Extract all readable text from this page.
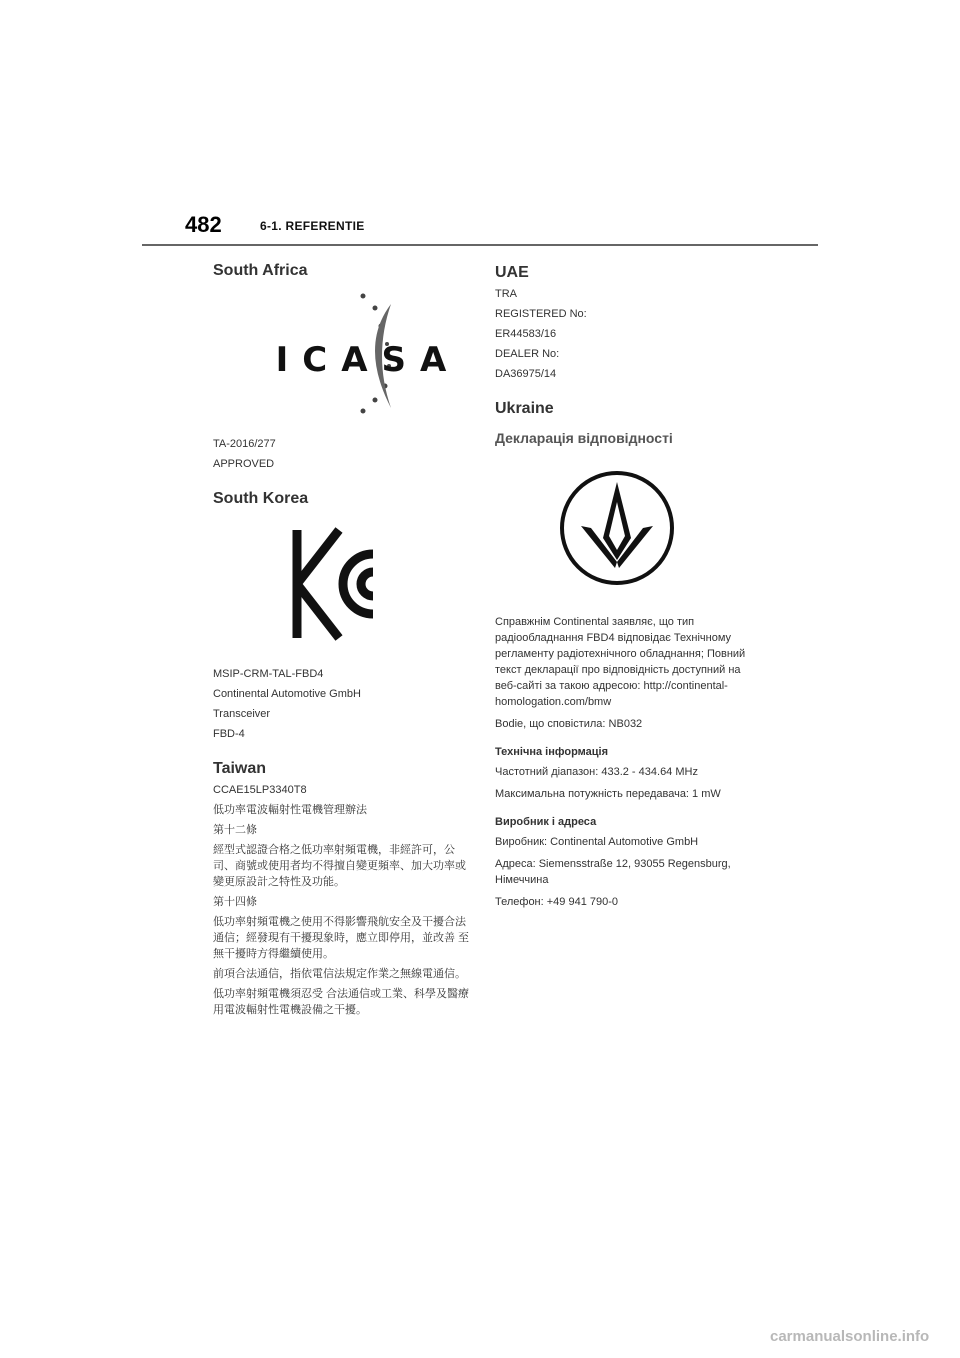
482	6-1. REFERENTIE
South Africa
ICASA

TA-2016/277

APPROVED

South Korea

MSIP-CRM-TAL-FBD4

Continental Automotive GmbH

Transceiver

FBD-4

Taiwan

CCAE15LP3340T8

低功率電波輻射性電機管理辦法

第十二條

經型式認證合格之低功率射頻電機，非經許可，公司、商號或使用者均不得擅自變更頻率、加大功率或 變更原設計之特性及功能。

第十四條

低功率射頻電機之使用不得影響飛航安全及干擾合法通信；經發現有干擾現象時，應立即停用，並改善 至無干擾時方得繼續使用。

前項合法通信，指依電信法規定作業之無線電通信。

低功率射頻電機須忍受 合法通信或工業、科學及醫療用電波輻射性電機設備之干擾。

UAE

TRA

REGISTERED No:

ER44583/16

DEALER No:

DA36975/14

Ukraine
Декларація відповідності

Справжнім Continental заявляє, що тип радіообладнання FBD4 відповідає Технічному регламенту радіотехнічного обладнання; Повний текст декларації про відповідність доступний на веб-сайті за такою адресою: http://continental-homologation.com/bmw

Bodie, що сповістила: NB032

Технічна інформація

Частотний діапазон: 433.2 - 434.64 MHz

Максимальна потужність передавача: 1 mW

Виробник і адреса

Виробник: Continental Automotive GmbH

Адреса: Siemensstraße 12, 93055 Regensburg, Німеччина

Телефон: +49 941 790-0

carmanualsonline.info
